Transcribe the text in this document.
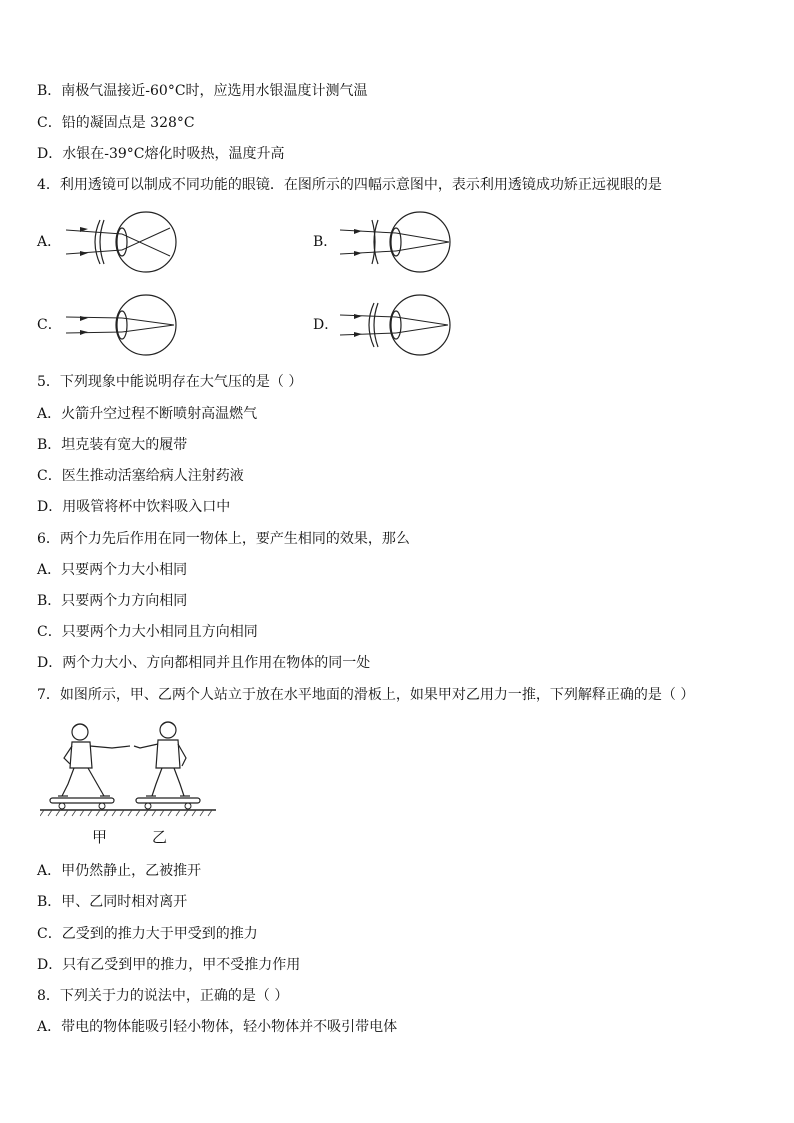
B．南极气温接近-60°C时，应选用水银温度计测气温
C．铅的凝固点是 328°C
D．水银在-39°C熔化时吸热，温度升高
4．利用透镜可以制成不同功能的眼镜．在图所示的四幅示意图中，表示利用透镜成功矫正远视眼的是
A．	B．
C．	D．
5．下列现象中能说明存在大气压的是（ ）
A．火箭升空过程不断喷射高温燃气
B．坦克装有宽大的履带
C．医生推动活塞给病人注射药液
D．用吸管将杯中饮料吸入口中
6．两个力先后作用在同一物体上，要产生相同的效果，那么
A．只要两个力大小相同
B．只要两个力方向相同
C．只要两个力大小相同且方向相同
D．两个力大小、方向都相同并且作用在物体的同一处
7．如图所示，甲、乙两个人站立于放在水平地面的滑板上，如果甲对乙用力一推，下列解释正确的是（ ）
甲	乙
A．甲仍然静止，乙被推开
B．甲、乙同时相对离开
C．乙受到的推力大于甲受到的推力
D．只有乙受到甲的推力，甲不受推力作用
8．下列关于力的说法中，正确的是（ ）
A．带电的物体能吸引轻小物体，轻小物体并不吸引带电体
